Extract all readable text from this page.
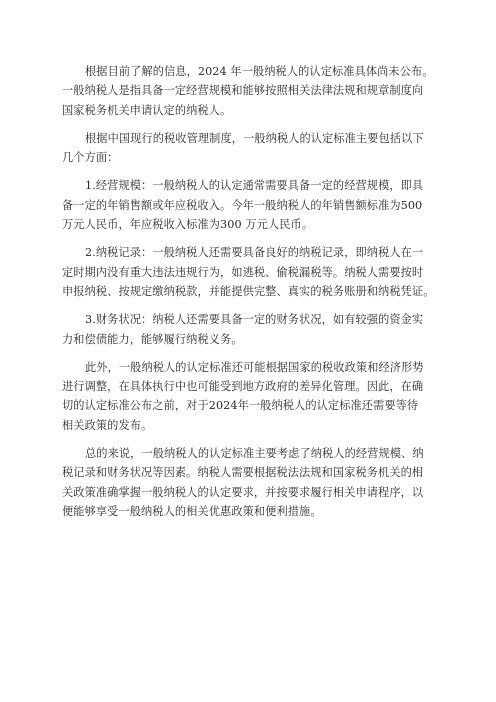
根据目前了解的信息，2024 年一般纳税人的认定标准具体尚未公布。
一般纳税人是指具备一定经营规模和能够按照相关法律法规和规章制度向
国家税务机关申请认定的纳税人。

根据中国现行的税收管理制度，一般纳税人的认定标准主要包括以下
几个方面：

1.经营规模：一般纳税人的认定通常需要具备一定的经营规模，即具
备一定的年销售额或年应税收入。今年一般纳税人的年销售额标准为500
万元人民币，年应税收入标准为300 万元人民币。

2.纳税记录：一般纳税人还需要具备良好的纳税记录，即纳税人在一
定时期内没有重大违法违规行为，如逃税、偷税漏税等。纳税人需要按时
申报纳税、按规定缴纳税款，并能提供完整、真实的税务账册和纳税凭证。

3.财务状况：纳税人还需要具备一定的财务状况，如有较强的资金实
力和偿债能力，能够履行纳税义务。

此外，一般纳税人的认定标准还可能根据国家的税收政策和经济形势
进行调整，在具体执行中也可能受到地方政府的差异化管理。因此，在确
切的认定标准公布之前，对于2024年一般纳税人的认定标准还需要等待
相关政策的发布。

总的来说，一般纳税人的认定标准主要考虑了纳税人的经营规模、纳
税记录和财务状况等因素。纳税人需要根据税法法规和国家税务机关的相
关政策准确掌握一般纳税人的认定要求，并按要求履行相关申请程序，以
便能够享受一般纳税人的相关优惠政策和便利措施。
